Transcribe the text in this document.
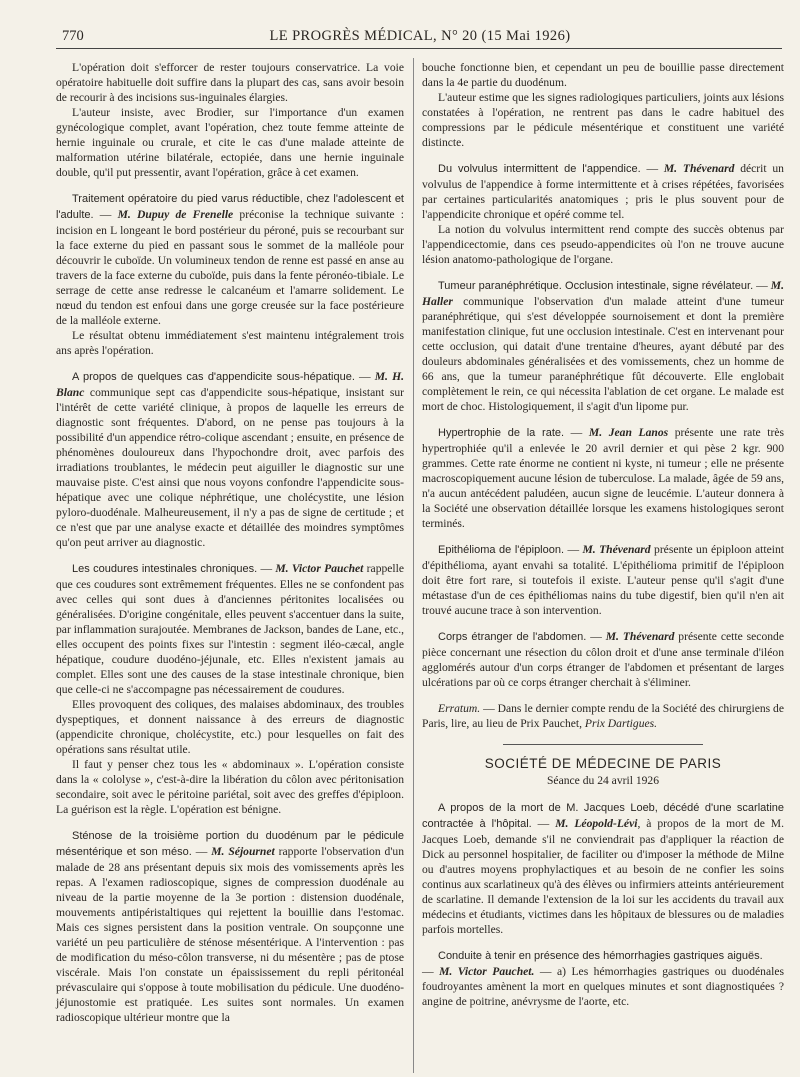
770	LE PROGRÈS MÉDICAL, N° 20 (15 Mai 1926)

L'opération doit s'efforcer de rester toujours conservatrice. La voie opératoire habituelle doit suffire dans la plupart des cas, sans avoir besoin de recourir à des incisions sus-inguinales élargies.

L'auteur insiste, avec Brodier, sur l'importance d'un examen gynécologique complet, avant l'opération, chez toute femme atteinte de hernie inguinale ou crurale, et cite le cas d'une malade atteinte de malformation utérine bilatérale, ectopiée, dans une hernie inguinale double, qu'il put pressentir, avant l'opération, grâce à cet examen.

Traitement opératoire du pied varus réductible, chez l'adolescent et l'adulte. — M. Dupuy de Frenelle préconise la technique suivante : incision en L longeant le bord postérieur du péroné, puis se recourbant sur la face externe du pied en passant sous le sommet de la malléole pour découvrir le cuboïde. Un volumineux tendon de renne est passé en anse au travers de la face externe du cuboïde, puis dans la fente péronéo-tibiale. Le serrage de cette anse redresse le calcanéum et l'amarre solidement. Le nœud du tendon est enfoui dans une gorge creusée sur la face postérieure de la malléole externe.

Le résultat obtenu immédiatement s'est maintenu intégralement trois ans après l'opération.

A propos de quelques cas d'appendicite sous-hépatique. — M. H. Blanc communique sept cas d'appendicite sous-hépatique, insistant sur l'intérêt de cette variété clinique, à propos de laquelle les erreurs de diagnostic sont fréquentes. D'abord, on ne pense pas toujours à la possibilité d'un appendice rétro-colique ascendant ; ensuite, en présence de phénomènes douloureux dans l'hypochondre droit, avec parfois des irradiations troublantes, le médecin peut aiguiller le diagnostic sur une mauvaise piste. C'est ainsi que nous voyons confondre l'appendicite sous-hépatique avec une colique néphrétique, une cholécystite, une lésion pyloro-duodénale. Malheureusement, il n'y a pas de signe de certitude ; et ce n'est que par une analyse exacte et détaillée des moindres symptômes qu'on peut arriver au diagnostic.

Les coudures intestinales chroniques. — M. Victor Pauchet rappelle que ces coudures sont extrêmement fréquentes. Elles ne se confondent pas avec celles qui sont dues à d'anciennes péritonites localisées ou généralisées. D'origine congénitale, elles peuvent s'accentuer dans la suite, par inflammation surajoutée. Membranes de Jackson, bandes de Lane, etc., elles occupent des points fixes sur l'intestin : segment iléo-cæcal, angle hépatique, coudure duodéno-jéjunale, etc. Elles n'existent jamais au complet. Elles sont une des causes de la stase intestinale chronique, bien que celle-ci ne s'accompagne pas nécessairement de coudures.

Elles provoquent des coliques, des malaises abdominaux, des troubles dyspeptiques, et donnent naissance à des erreurs de diagnostic (appendicite chronique, cholécystite, etc.) pour lesquelles on fait des opérations sans résultat utile.

Il faut y penser chez tous les « abdominaux ». L'opération consiste dans la « cololyse », c'est-à-dire la libération du côlon avec péritonisation secondaire, soit avec le péritoine pariétal, soit avec des greffes d'épiploon. La guérison est la règle. L'opération est bénigne.

Sténose de la troisième portion du duodénum par le pédicule mésentérique et son méso. — M. Séjournet rapporte l'observation d'un malade de 28 ans présentant depuis six mois des vomissements après les repas. A l'examen radioscopique, signes de compression duodénale au niveau de la partie moyenne de la 3e portion : distension duodénale, mouvements antipéristaltiques qui rejettent la bouillie dans l'estomac. Mais ces signes persistent dans la position ventrale. On soupçonne une variété un peu particulière de sténose mésentérique. A l'intervention : pas de modification du méso-côlon transverse, ni du mésentère ; pas de ptose viscérale. Mais l'on constate un épaississement du repli péritonéal prévasculaire qui s'oppose à toute mobilisation du pédicule. Une duodéno-jéjunostomie est pratiquée. Les suites sont normales. Un examen radioscopique ultérieur montre que la

bouche fonctionne bien, et cependant un peu de bouillie passe directement dans la 4e partie du duodénum.

L'auteur estime que les signes radiologiques particuliers, joints aux lésions constatées à l'opération, ne rentrent pas dans le cadre habituel des compressions par le pédicule mésentérique et constituent une variété distincte.

Du volvulus intermittent de l'appendice. — M. Thévenard décrit un volvulus de l'appendice à forme intermittente et à crises répétées, favorisées par certaines particularités anatomiques ; pris le plus souvent pour de l'appendicite chronique et opéré comme tel.

La notion du volvulus intermittent rend compte des succès obtenus par l'appendicectomie, dans ces pseudo-appendicites où l'on ne trouve aucune lésion anatomo-pathologique de l'organe.

Tumeur paranéphrétique. Occlusion intestinale, signe révélateur. — M. Haller communique l'observation d'un malade atteint d'une tumeur paranéphrétique, qui s'est développée sournoisement et dont la première manifestation clinique, fut une occlusion intestinale. C'est en intervenant pour cette occlusion, qui datait d'une trentaine d'heures, ayant débuté par des douleurs abdominales généralisées et des vomissements, chez un homme de 66 ans, que la tumeur paranéphrétique fût découverte. Elle englobait complètement le rein, ce qui nécessita l'ablation de cet organe. Le malade est mort de choc. Histologiquement, il s'agit d'un lipome pur.

Hypertrophie de la rate. — M. Jean Lanos présente une rate très hypertrophiée qu'il a enlevée le 20 avril dernier et qui pèse 2 kgr. 900 grammes. Cette rate énorme ne contient ni kyste, ni tumeur ; elle ne présente macroscopiquement aucune lésion de tuberculose. La malade, âgée de 59 ans, n'a aucun antécédent paludéen, aucun signe de leucémie. L'auteur donnera à la Société une observation détaillée lorsque les examens histologiques seront terminés.

Epithélioma de l'épiploon. — M. Thévenard présente un épiploon atteint d'épithélioma, ayant envahi sa totalité. L'épithélioma primitif de l'épiploon doit être fort rare, si toutefois il existe. L'auteur pense qu'il s'agit d'une métastase d'un de ces épithéliomas nains du tube digestif, bien qu'il n'en ait trouvé aucune trace à son intervention.

Corps étranger de l'abdomen. — M. Thévenard présente cette seconde pièce concernant une résection du côlon droit et d'une anse terminale d'iléon agglomérés autour d'un corps étranger de l'abdomen et présentant de larges ulcérations par où ce corps étranger cherchait à s'éliminer.

Erratum. — Dans le dernier compte rendu de la Société des chirurgiens de Paris, lire, au lieu de Prix Pauchet, Prix Dartigues.

SOCIÉTÉ DE MÉDECINE DE PARIS

Séance du 24 avril 1926

A propos de la mort de M. Jacques Loeb, décédé d'une scarlatine contractée à l'hôpital. — M. Léopold-Lévi, à propos de la mort de M. Jacques Loeb, demande s'il ne conviendrait pas d'appliquer la réaction de Dick au personnel hospitalier, de faciliter ou d'imposer la méthode de Milne ou d'autres moyens prophylactiques et au besoin de ne confier les soins continus aux scarlatineux qu'à des élèves ou infirmiers atteints antérieurement de scarlatine. Il demande l'extension de la loi sur les accidents du travail aux médecins et étudiants, victimes dans les hôpitaux de blessures ou de maladies parfois mortelles.

Conduite à tenir en présence des hémorrhagies gastriques aiguës.
— M. Victor Pauchet. — a) Les hémorrhagies gastriques ou duodénales foudroyantes amènent la mort en quelques minutes et sont diagnostiquées ? angine de poitrine, anévrysme de l'aorte, etc.
